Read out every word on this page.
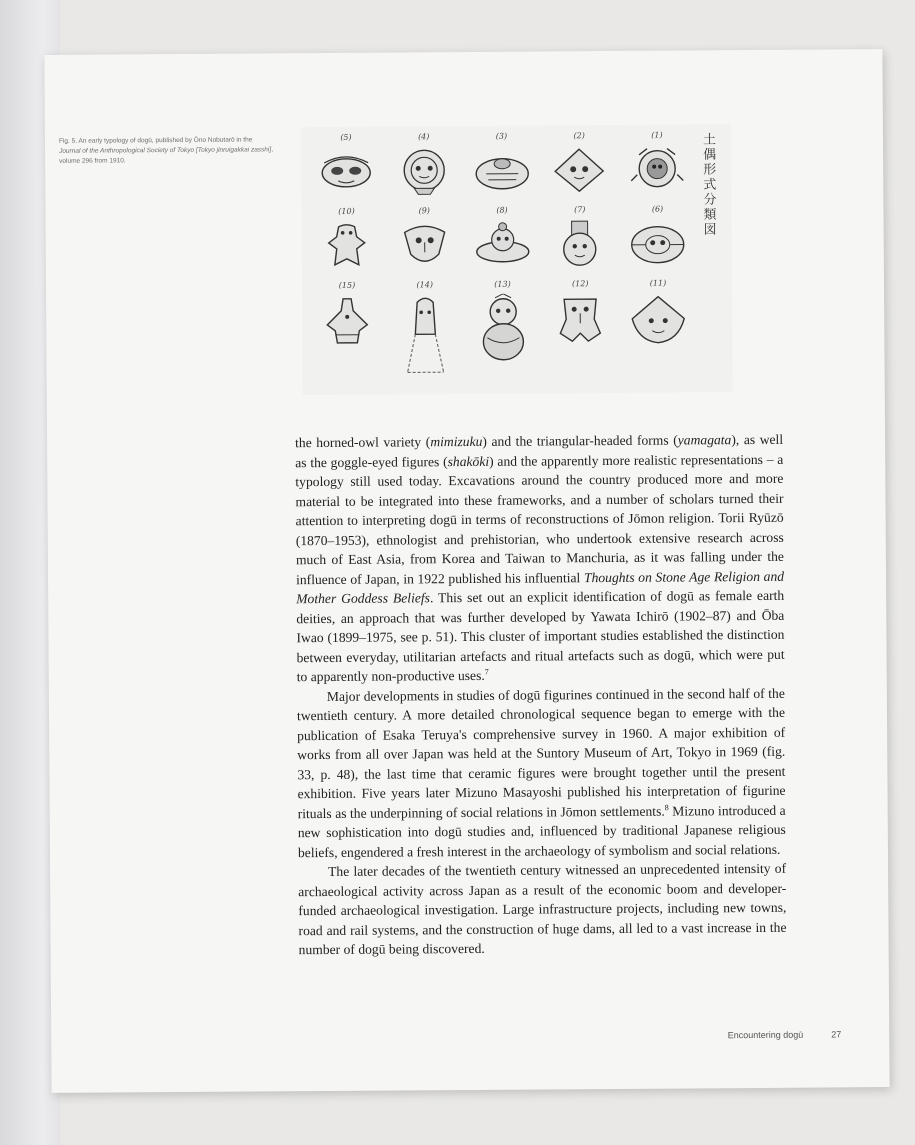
Fig. 5. An early typology of dogū, published by Ōno Nobutarō in the Journal of the Anthropological Society of Tokyo [Tokyo jinruigakkai zasshi], volume 296 from 1910.	土偶形式分類図
(5)	(4)	(3)	(2)	(1)
(10)	(9)	(8)	(7)	(6)
(15)	(14)	(13)	(12)	(11)

the horned-owl variety (mimizuku) and the triangular-headed forms (yamagata), as well as the goggle-eyed figures (shakōki) and the apparently more realistic representations – a typology still used today. Excavations around the country produced more and more material to be integrated into these frameworks, and a number of scholars turned their attention to interpreting dogū in terms of reconstructions of Jōmon religion. Torii Ryūzō (1870–1953), ethnologist and prehistorian, who undertook extensive research across much of East Asia, from Korea and Taiwan to Manchuria, as it was falling under the influence of Japan, in 1922 published his influential Thoughts on Stone Age Religion and Mother Goddess Beliefs. This set out an explicit identification of dogū as female earth deities, an approach that was further developed by Yawata Ichirō (1902–87) and Ōba Iwao (1899–1975, see p. 51). This cluster of important studies established the distinction between everyday, utilitarian artefacts and ritual artefacts such as dogū, which were put to apparently non-productive uses.$^7$

Major developments in studies of dogū figurines continued in the second half of the twentieth century. A more detailed chronological sequence began to emerge with the publication of Esaka Teruya's comprehensive survey in 1960. A major exhibition of works from all over Japan was held at the Suntory Museum of Art, Tokyo in 1969 (fig. 33, p. 48), the last time that ceramic figures were brought together until the present exhibition. Five years later Mizuno Masayoshi published his interpretation of figurine rituals as the underpinning of social relations in Jōmon settlements.$^8$ Mizuno introduced a new sophistication into dogū studies and, influenced by traditional Japanese religious beliefs, engendered a fresh interest in the archaeology of symbolism and social relations.

The later decades of the twentieth century witnessed an unprecedented intensity of archaeological activity across Japan as a result of the economic boom and developer-funded archaeological investigation. Large infrastructure projects, including new towns, road and rail systems, and the construction of huge dams, all led to a vast increase in the number of dogū being discovered.

Encountering dogū	27
